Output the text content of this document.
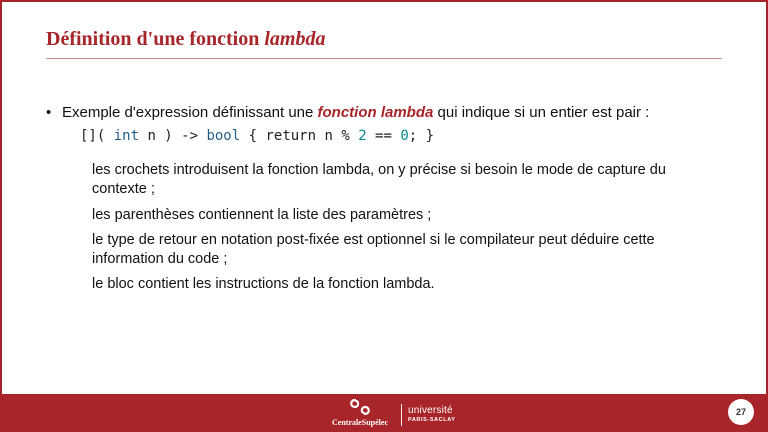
Définition d'une fonction lambda
• Exemple d'expression définissant une fonction lambda qui indique si un entier est pair :
[]( int n ) -> bool { return n % 2 == 0; }
les crochets introduisent la fonction lambda, on y précise si besoin le mode de capture du contexte ;
les parenthèses contiennent la liste des paramètres ;
le type de retour en notation post-fixée est optionnel si le compilateur peut déduire cette information du code ;
le bloc contient les instructions de la fonction lambda.
CentraleSupélec
université
PARIS-SACLAY
27
